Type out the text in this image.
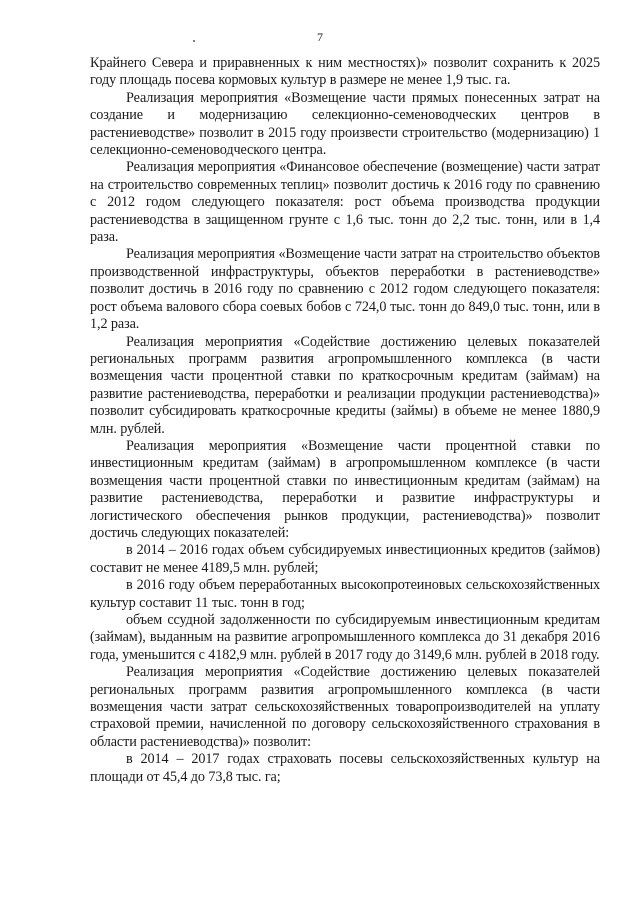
7

Крайнего Севера и приравненных к ним местностях)» позволит сохранить к 2025 году площадь посева кормовых культур в размере не менее 1,9 тыс. га.

Реализация мероприятия «Возмещение части прямых понесенных затрат на создание и модернизацию селекционно-семеноводческих центров в растениеводстве» позволит в 2015 году произвести строительство (модернизацию) 1 селекционно-семеноводческого центра.

Реализация мероприятия «Финансовое обеспечение (возмещение) части затрат на строительство современных теплиц» позволит достичь к 2016 году по сравнению с 2012 годом следующего показателя: рост объема производства продукции растениеводства в защищенном грунте с 1,6 тыс. тонн до 2,2 тыс. тонн, или в 1,4 раза.

Реализация мероприятия «Возмещение части затрат на строительство объектов производственной инфраструктуры, объектов переработки в растениеводстве» позволит достичь в 2016 году по сравнению с 2012 годом следующего показателя: рост объема валового сбора соевых бобов с 724,0 тыс. тонн до 849,0 тыс. тонн, или в 1,2 раза.

Реализация мероприятия «Содействие достижению целевых показателей региональных программ развития агропромышленного комплекса (в части возмещения части процентной ставки по краткосрочным кредитам (займам) на развитие растениеводства, переработки и реализации продукции растениеводства)» позволит субсидировать краткосрочные кредиты (займы) в объеме не менее 1880,9 млн. рублей.

Реализация мероприятия «Возмещение части процентной ставки по инвестиционным кредитам (займам) в агропромышленном комплексе (в части возмещения части процентной ставки по инвестиционным кредитам (займам) на развитие растениеводства, переработки и развитие инфраструктуры и логистического обеспечения рынков продукции, растениеводства)» позволит достичь следующих показателей:

в 2014 – 2016 годах объем субсидируемых инвестиционных кредитов (займов) составит не менее 4189,5 млн. рублей;

в 2016 году объем переработанных высокопротеиновых сельскохозяйственных культур составит 11 тыс. тонн в год;

объем ссудной задолженности по субсидируемым инвестиционным кредитам (займам), выданным на развитие агропромышленного комплекса до 31 декабря 2016 года, уменьшится с 4182,9 млн. рублей в 2017 году до 3149,6 млн. рублей в 2018 году.

Реализация мероприятия «Содействие достижению целевых показателей региональных программ развития агропромышленного комплекса (в части возмещения части затрат сельскохозяйственных товаропроизводителей на уплату страховой премии, начисленной по договору сельскохозяйственного страхования в области растениеводства)» позволит:

в 2014 – 2017 годах страховать посевы сельскохозяйственных культур на площади от 45,4 до 73,8 тыс. га;
